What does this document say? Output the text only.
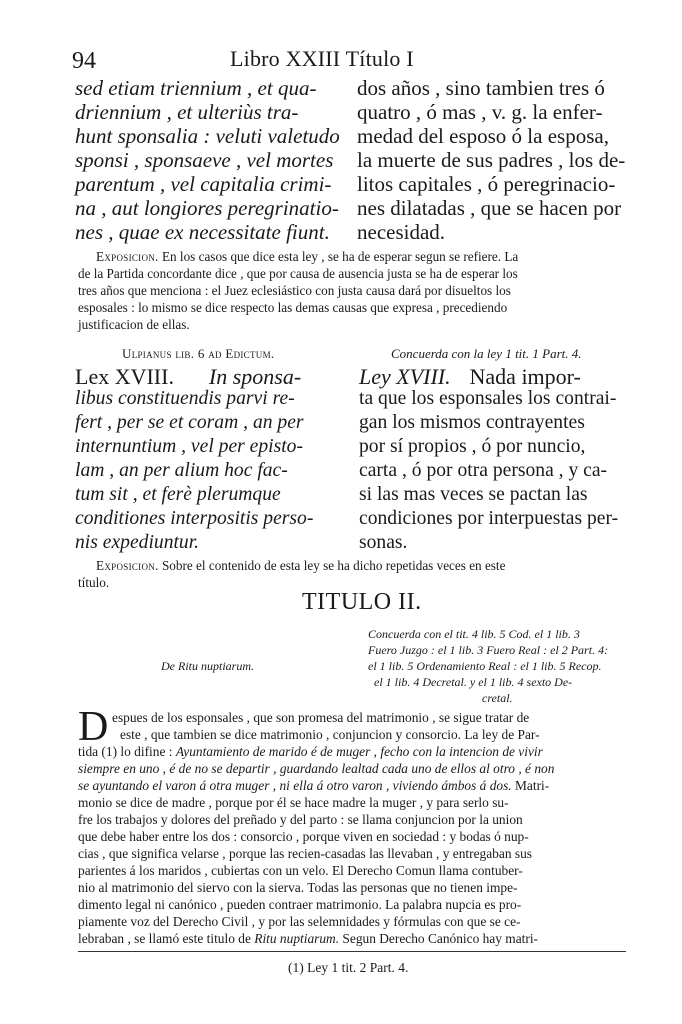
94	Libro XXIII Título I
sed etiam triennium , et qua-
driennium , et ulteriùs tra-
hunt sponsalia : veluti valetudo
sponsi , sponsaeve , vel mortes
parentum , vel capitalia crimi-
na , aut longiores peregrinatio-
nes , quae ex necessitate fiunt.
dos años , sino tambien tres ó
quatro , ó mas , v. g. la enfer-
medad del esposo ó la esposa,
la muerte de sus padres , los de-
litos capitales , ó peregrinacio-
nes dilatadas , que se hacen por
necesidad.
Exposicion. En los casos que dice esta ley , se ha de esperar segun se refiere. La
de la Partida concordante dice , que por causa de ausencia justa se ha de esperar los
tres años que menciona : el Juez eclesiástico con justa causa dará por disueltos los
esposales : lo mismo se dice respecto las demas causas que expresa , precediendo
justificacion de ellas.
Ulpianus lib. 6 ad Edictum.	Concuerda con la ley 1 tit. 1 Part. 4.
Lex XVIII. In sponsa-
libus constituendis parvi re-
fert , per se et coram , an per
internuntium , vel per episto-
lam , an per alium hoc fac-
tum sit , et ferè plerumque
conditiones interpositis perso-
nis expediuntur.
Ley XVIII. Nada impor-
ta que los esponsales los contrai-
gan los mismos contrayentes
por sí propios , ó por nuncio,
carta , ó por otra persona , y ca-
si las mas veces se pactan las
condiciones por interpuestas per-
sonas.
Exposicion. Sobre el contenido de esta ley se ha dicho repetidas veces en este
título.
TITULO II.
De Ritu nuptiarum.
Concuerda con el tit. 4 lib. 5 Cod. el 1 lib. 3
Fuero Juzgo : el 1 lib. 3 Fuero Real : el 2 Part. 4:
el 1 lib. 5 Ordenamiento Real : el 1 lib. 5 Recop.
el 1 lib. 4 Decretal. y el 1 lib. 4 sexto De-
cretal.
D espues de los esponsales , que son promesa del matrimonio , se sigue tratar de
este , que tambien se dice matrimonio , conjuncion y consorcio. La ley de Par-
tida (1) lo difine : Ayuntamiento de marido é de muger , fecho con la intencion de vivir
siempre en uno , é de no se departir , guardando lealtad cada uno de ellos al otro , é non
se ayuntando el varon á otra muger , ni ella á otro varon , viviendo ámbos á dos. Matri-
monio se dice de madre , porque por él se hace madre la muger , y para serlo su-
fre los trabajos y dolores del preñado y del parto : se llama conjuncion por la union
que debe haber entre los dos : consorcio , porque viven en sociedad : y bodas ó nup-
cias , que significa velarse , porque las recien-casadas las llevaban , y entregaban sus
parientes á los maridos , cubiertas con un velo. El Derecho Comun llama contuber-
nio al matrimonio del siervo con la sierva. Todas las personas que no tienen impe-
dimento legal ni canónico , pueden contraer matrimonio. La palabra nupcia es pro-
piamente voz del Derecho Civil , y por las selemnidades y fórmulas con que se ce-
lebraban , se llamó este titulo de Ritu nuptiarum. Segun Derecho Canónico hay matri-
(1) Ley 1 tit. 2 Part. 4.
